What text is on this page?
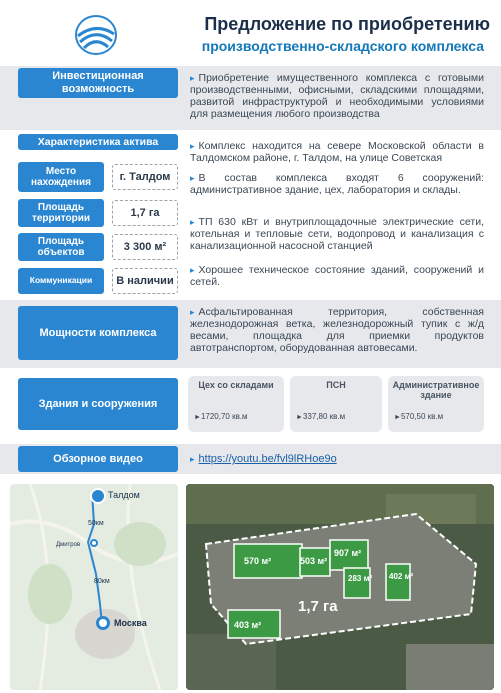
Предложение по приобретению
производственно-складского комплекса
Инвестиционная возможность
▸ Приобретение имущественного комплекса с готовыми производственными, офисными, складскими площадями, развитой инфраструктурой и необходимыми условиями для размещения любого производства
Характеристика актива
Место нахождения	г. Талдом
Площадь территории	1,7 га
Площадь объектов	3 300 м²
Коммуникации	В наличии
▸ Комплекс находится на севере Московской области в Талдомском районе, г. Талдом, на улице Советская
▸ В состав комплекса входят 6 сооружений: административное здание, цех, лаборатория и склады.
▸ ТП 630 кВт и внутриплощадочные электрические сети, котельная и тепловые сети, водопровод и канализация с канализационной насосной станцией
▸ Хорошее техническое состояние зданий, сооружений и сетей.
Мощности комплекса
▸ Асфальтированная территория, собственная железнодорожная ветка, железнодорожный тупик с ж/д весами, площадка для приемки продуктов автотранспортом, оборудованная автовесами.
Здания и сооружения
Цех со складами
►1720,70 кв.м
ПСН
►337,80 кв.м
Административное здание
►570,50 кв.м
Обзорное видео	▸ https://youtu.be/fvl9lRHoe9o
Талдом
50км
Дмитров
80км
Москва
570 м²	503 м²
907 м²
283 м² 402 м²
403 м²
1,7 га
